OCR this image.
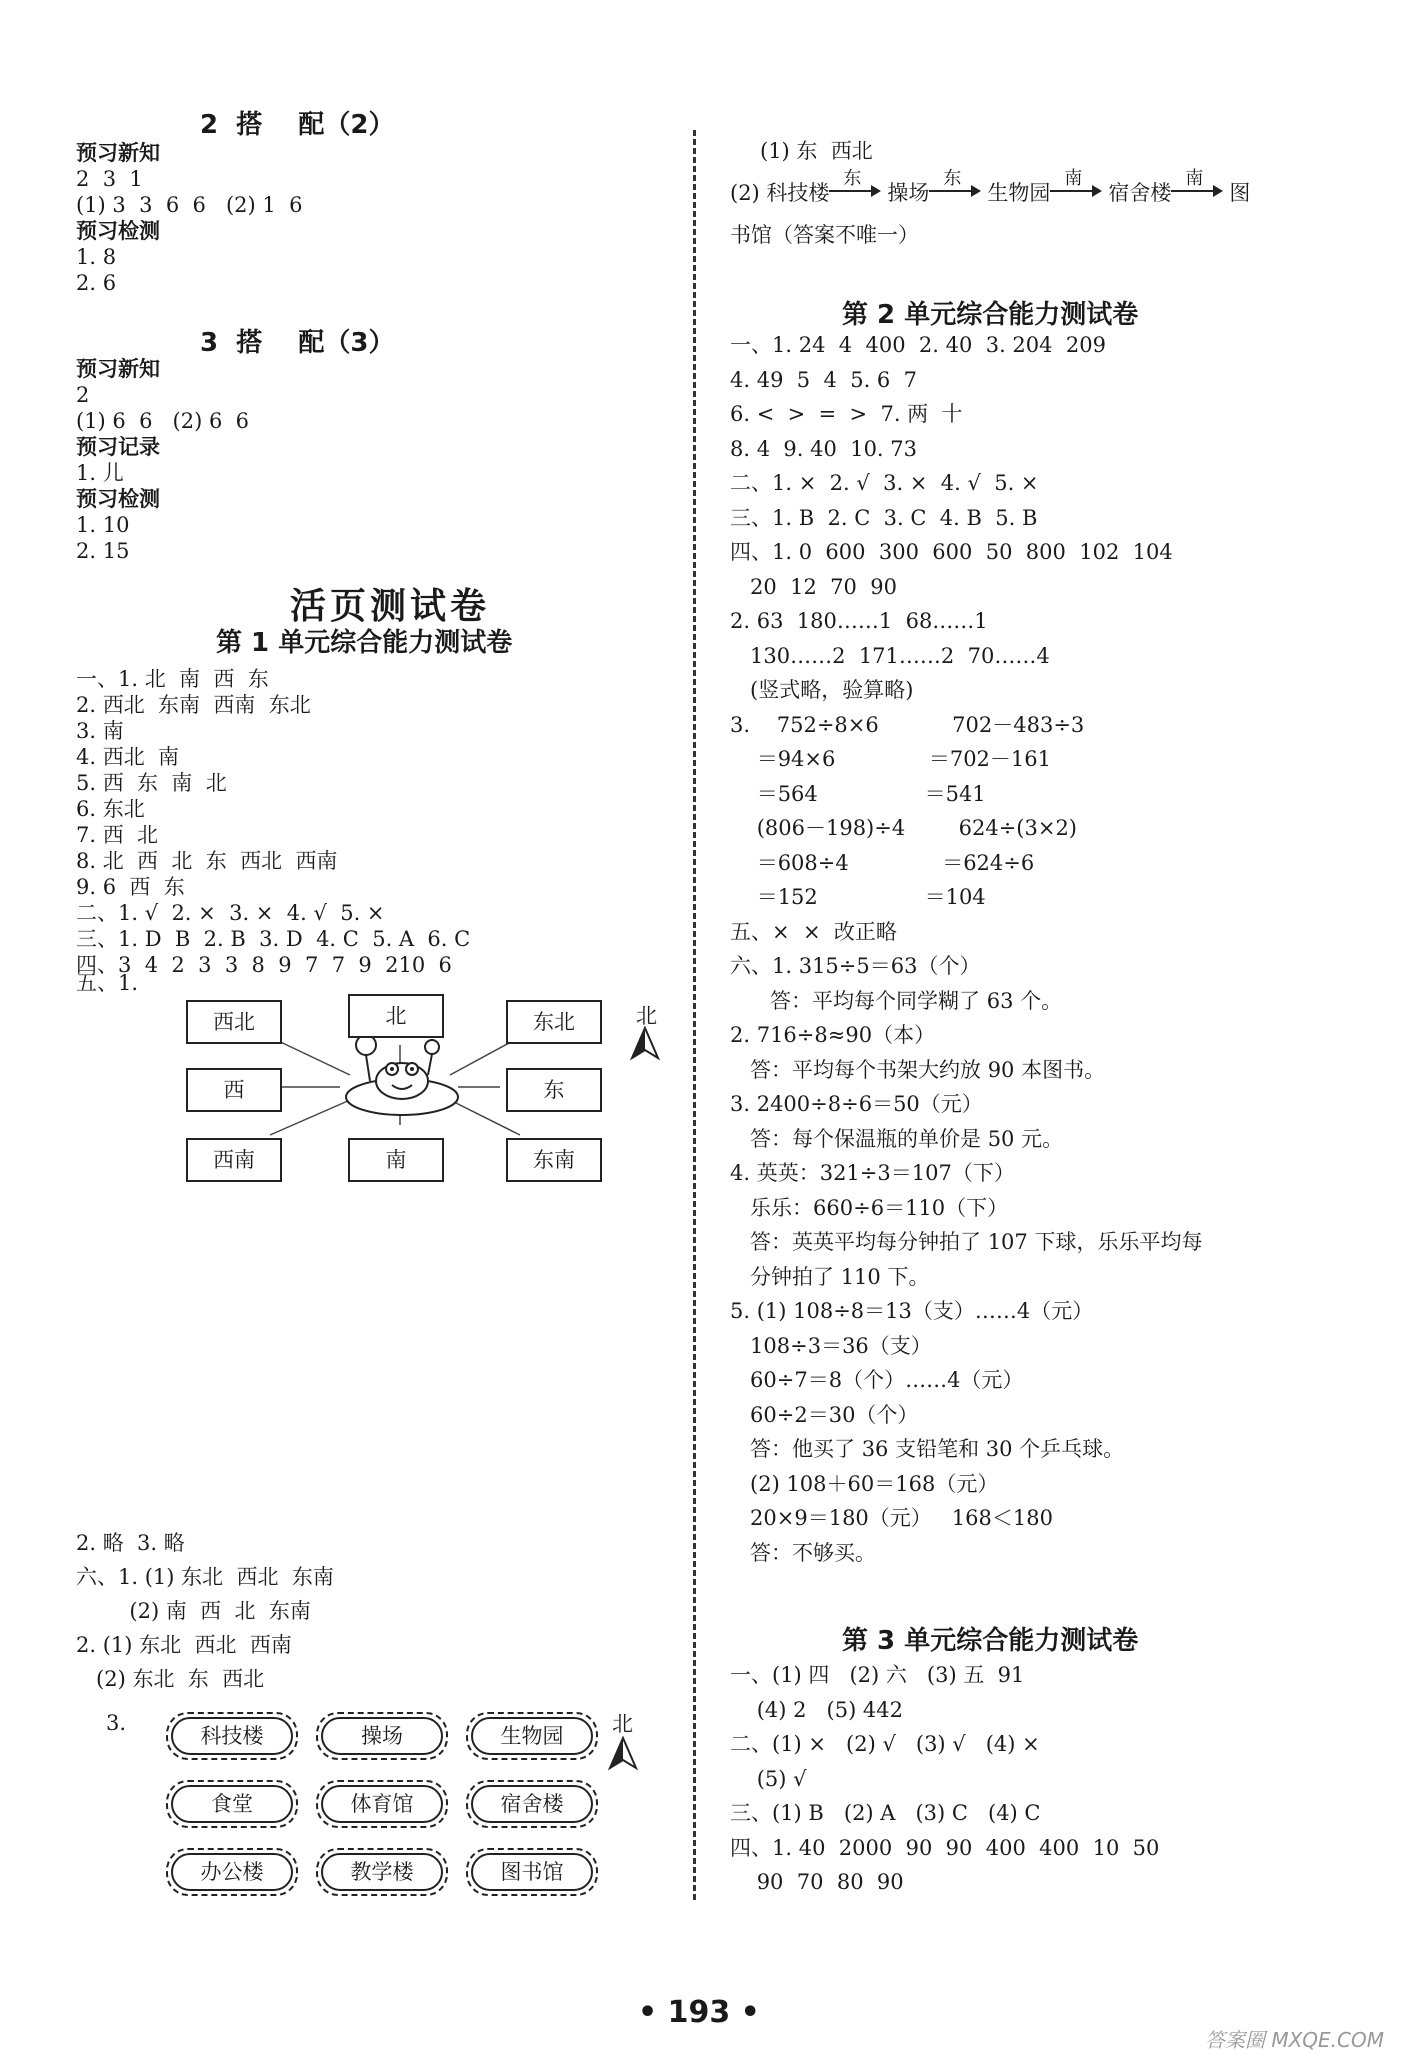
2  搭    配（2）
预习新知
2  3  1
(1) 3  3  6  6   (2) 1  6
预习检测
1. 8
2. 6
3  搭    配（3）
预习新知
2
(1) 6  6   (2) 6  6
预习记录
1. 儿
预习检测
1. 10
2. 15
活页测试卷
第 1 单元综合能力测试卷
一、1. 北  南  西  东
2. 西北  东南  西南  东北
3. 南
4. 西北  南
5. 西  东  南  北
6. 东北
7. 西  北
8. 北  西  北  东  西北  西南
9. 6  西  东
二、1. √  2. ×  3. ×  4. √  5. ×
三、1. D  B  2. B  3. D  4. C  5. A  6. C
四、3  4  2  3  3  8  9  7  7  9  210  6
五、1.
西北	北	东北
西	东
西南	南	东南
北
2. 略  3. 略
六、1. (1) 东北  西北  东南
(2) 南  西  北  东南
2. (1) 东北  西北  西南
(2) 东北  东  西北
3.
科技楼	操场	生物园
食堂	体育馆	宿舍楼
办公楼	教学楼	图书馆
北
(1) 东  西北
(2) 科技楼
东
操场
东
生物园
南
宿舍楼
南
图
书馆（答案不唯一）
第 2 单元综合能力测试卷
一、1. 24  4  400  2. 40  3. 204  209
4. 49  5  4  5. 6  7
6. <  >  =  >  7. 两  十
8. 4  9. 40  10. 73
二、1. ×  2. √  3. ×  4. √  5. ×
三、1. B  2. C  3. C  4. B  5. B
四、1. 0  600  300  600  50  800  102  104
20  12  70  90
2. 63  180……1  68……1
130……2  171……2  70……4
(竖式略，验算略)
3.    752÷8×6           702－483÷3
＝94×6              ＝702－161
＝564                ＝541
(806－198)÷4        624÷(3×2)
＝608÷4              ＝624÷6
＝152                ＝104
五、×  ×  改正略
六、1. 315÷5＝63（个）
答：平均每个同学糊了 63 个。
2. 716÷8≈90（本）
答：平均每个书架大约放 90 本图书。
3. 2400÷8÷6＝50（元）
答：每个保温瓶的单价是 50 元。
4. 英英：321÷3＝107（下）
乐乐：660÷6＝110（下）
答：英英平均每分钟拍了 107 下球，乐乐平均每
分钟拍了 110 下。
5. (1) 108÷8＝13（支）……4（元）
108÷3＝36（支）
60÷7＝8（个）……4（元）
60÷2＝30（个）
答：他买了 36 支铅笔和 30 个乒乓球。
(2) 108＋60＝168（元）
20×9＝180（元）   168＜180
答：不够买。
第 3 单元综合能力测试卷
一、(1) 四   (2) 六   (3) 五  91
(4) 2   (5) 442
二、(1) ×   (2) √   (3) √   (4) ×
(5) √
三、(1) B   (2) A   (3) C   (4) C
四、1. 40  2000  90  90  400  400  10  50
90  70  80  90
• 193 •
答案圈 MXQE.COM
